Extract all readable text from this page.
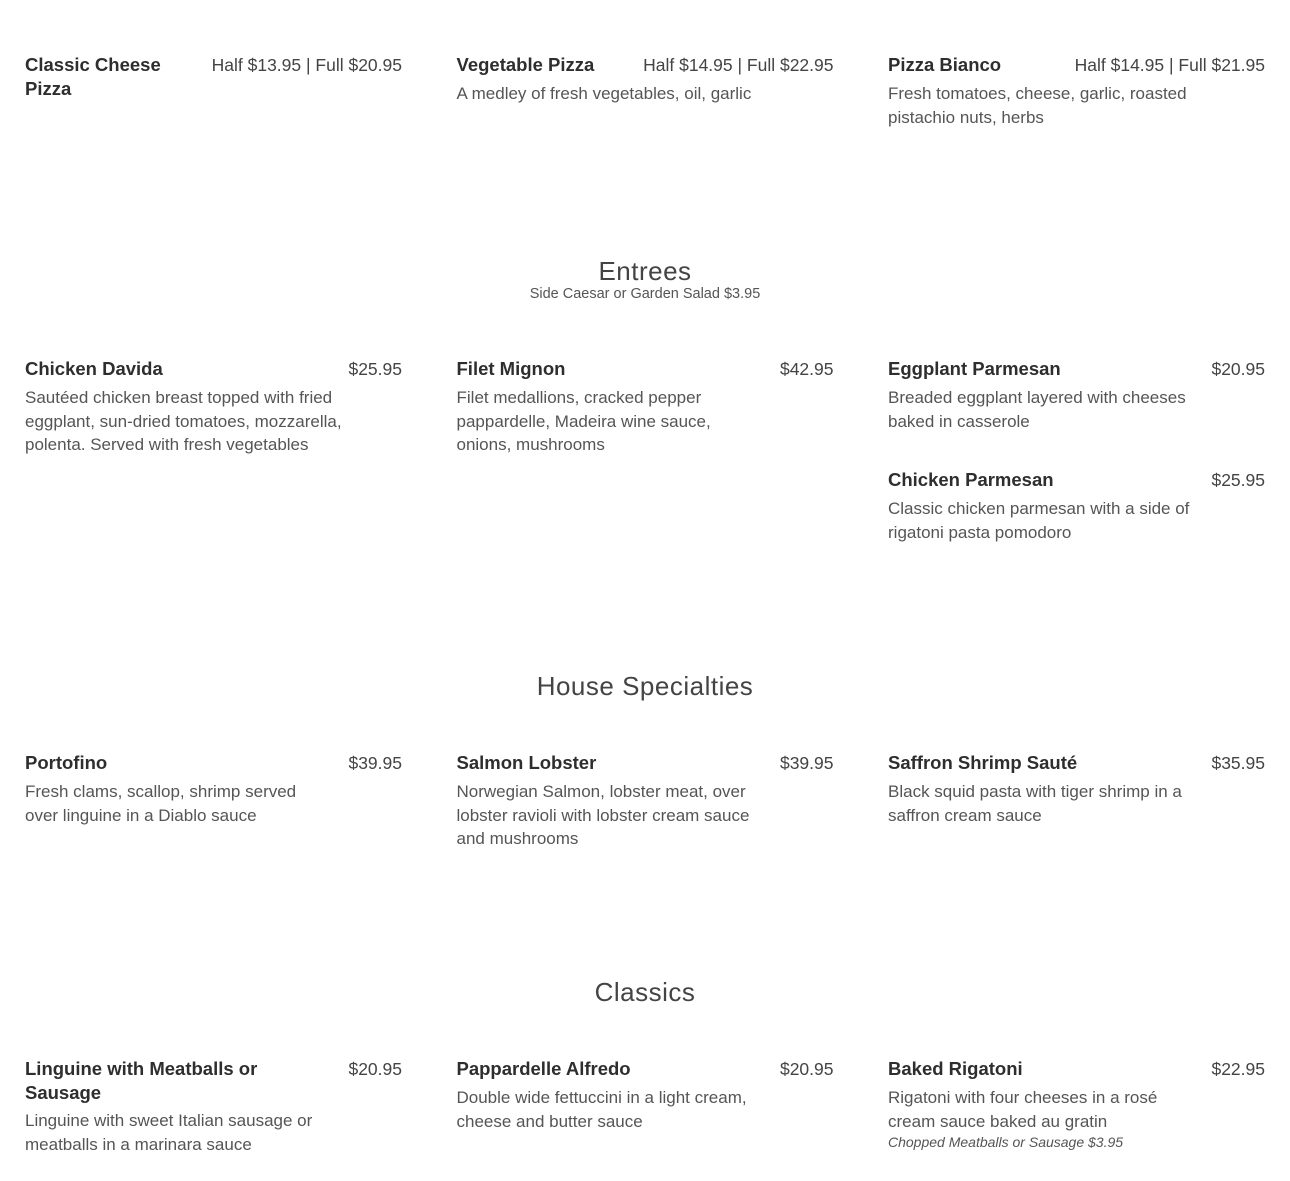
Classic Cheese Pizza
Half $13.95 | Full $20.95	Vegetable Pizza	Half $14.95 | Full $22.95
A medley of fresh vegetables, oil, garlic
Pizza Bianco	Half $14.95 | Full $21.95
Fresh tomatoes, cheese, garlic, roasted pistachio nuts, herbs
Entrees
Side Caesar or Garden Salad $3.95
Chicken Davida	$25.95
Sautéed chicken breast topped with fried eggplant, sun-dried tomatoes, mozzarella, polenta. Served with fresh vegetables
Filet Mignon	$42.95
Filet medallions, cracked pepper pappardelle, Madeira wine sauce, onions, mushrooms
Eggplant Parmesan	$20.95
Breaded eggplant layered with cheeses baked in casserole
Chicken Parmesan	$25.95
Classic chicken parmesan with a side of rigatoni pasta pomodoro
House Specialties
Portofino	$39.95
Fresh clams, scallop, shrimp served over linguine in a Diablo sauce
Salmon Lobster	$39.95
Norwegian Salmon, lobster meat, over lobster ravioli with lobster cream sauce and mushrooms
Saffron Shrimp Sauté	$35.95
Black squid pasta with tiger shrimp in a saffron cream sauce
Classics
Linguine with Meatballs or Sausage
$20.95
Linguine with sweet Italian sausage or meatballs in a marinara sauce
Pappardelle Alfredo	$20.95
Double wide fettuccini in a light cream, cheese and butter sauce
Baked Rigatoni	$22.95
Rigatoni with four cheeses in a rosé cream sauce baked au gratin
Chopped Meatballs or Sausage $3.95
